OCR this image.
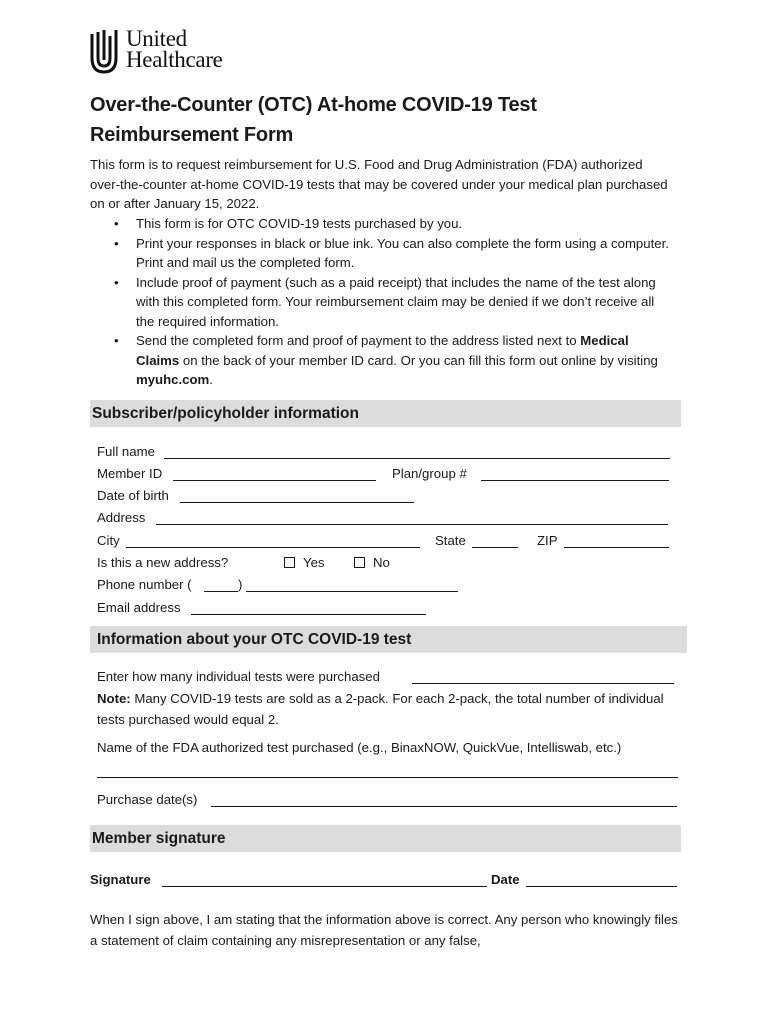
United
Healthcare
Over-the-Counter (OTC) At-home COVID-19 Test
Reimbursement Form

This form is to request reimbursement for U.S. Food and Drug Administration (FDA) authorized over-the-counter at-home COVID-19 tests that may be covered under your medical plan purchased on or after January 15, 2022.

• This form is for OTC COVID-19 tests purchased by you.
• Print your responses in black or blue ink. You can also complete the form using a computer. Print and mail us the completed form.
• Include proof of payment (such as a paid receipt) that includes the name of the test along with this completed form. Your reimbursement claim may be denied if we don’t receive all the required information.
• Send the completed form and proof of payment to the address listed next to Medical Claims on the back of your member ID card. Or you can fill this form out online by visiting myuhc.com.
Subscriber/policyholder information
Full name
Member ID	Plan/group #
Date of birth
Address
City	State	ZIP
Is this a new address?	Yes	No
Phone number (	)
Email address
Information about your OTC COVID-19 test
Enter how many individual tests were purchased

Note: Many COVID-19 tests are sold as a 2-pack. For each 2-pack, the total number of individual tests purchased would equal 2.

Name of the FDA authorized test purchased (e.g., BinaxNOW, QuickVue, Intelliswab, etc.)
Purchase date(s)
Member signature
Signature	Date

When I sign above, I am stating that the information above is correct. Any person who knowingly files a statement of claim containing any misrepresentation or any false,
